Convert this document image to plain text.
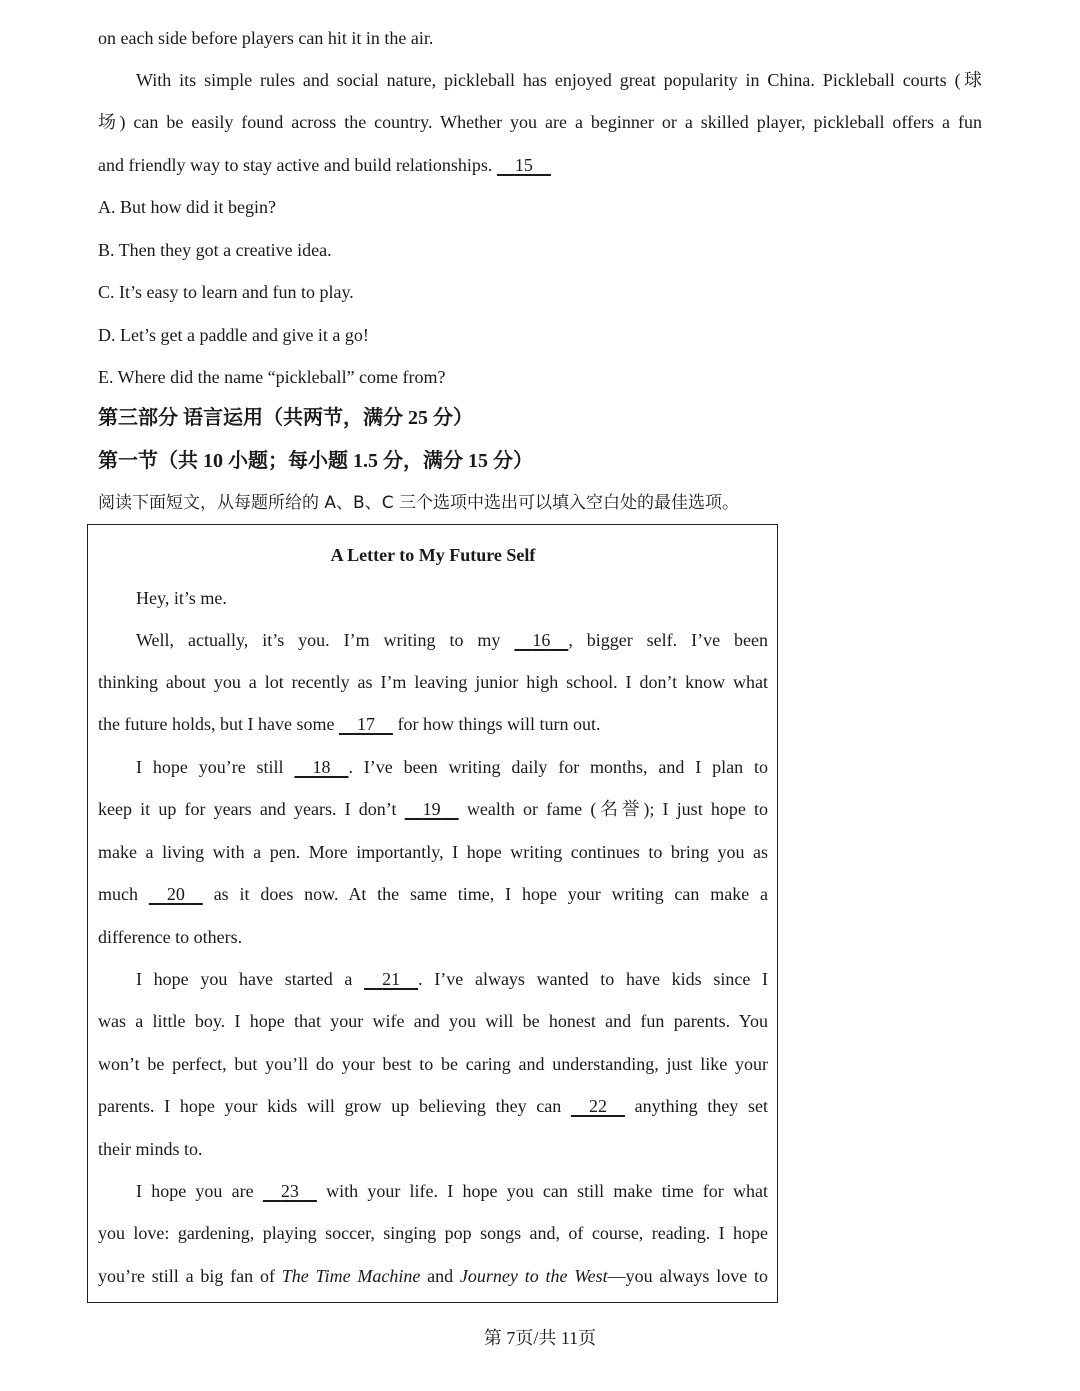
on each side before players can hit it in the air.
With its simple rules and social nature, pickleball has enjoyed great popularity in China. Pickleball courts (球
场) can be easily found across the country. Whether you are a beginner or a skilled player, pickleball offers a fun
and friendly way to stay active and build relationships. 15
A. But how did it begin?
B. Then they got a creative idea.
C. It’s easy to learn and fun to play.
D. Let’s get a paddle and give it a go!
E. Where did the name “pickleball” come from?
第三部分 语言运用（共两节，满分 25 分）
第一节（共 10 小题；每小题 1.5 分，满分 15 分）
阅读下面短文，从每题所给的 A、B、C 三个选项中选出可以填入空白处的最佳选项。
A Letter to My Future Self
Hey, it’s me.
Well, actually, it’s you. I’m writing to my 16 , bigger self. I’ve been
thinking about you a lot recently as I’m leaving junior high school. I don’t know what
the future holds, but I have some 17 for how things will turn out.
I hope you’re still 18 . I’ve been writing daily for months, and I plan to
keep it up for years and years. I don’t 19 wealth or fame (名誉); I just hope to
make a living with a pen. More importantly, I hope writing continues to bring you as
much 20 as it does now. At the same time, I hope your writing can make a
difference to others.
I hope you have started a 21 . I’ve always wanted to have kids since I
was a little boy. I hope that your wife and you will be honest and fun parents. You
won’t be perfect, but you’ll do your best to be caring and understanding, just like your
parents. I hope your kids will grow up believing they can 22 anything they set
their minds to.
I hope you are 23 with your life. I hope you can still make time for what
you love: gardening, playing soccer, singing pop songs and, of course, reading. I hope
you’re still a big fan of The Time Machine and Journey to the West—you always love to
第 7页/共 11页
